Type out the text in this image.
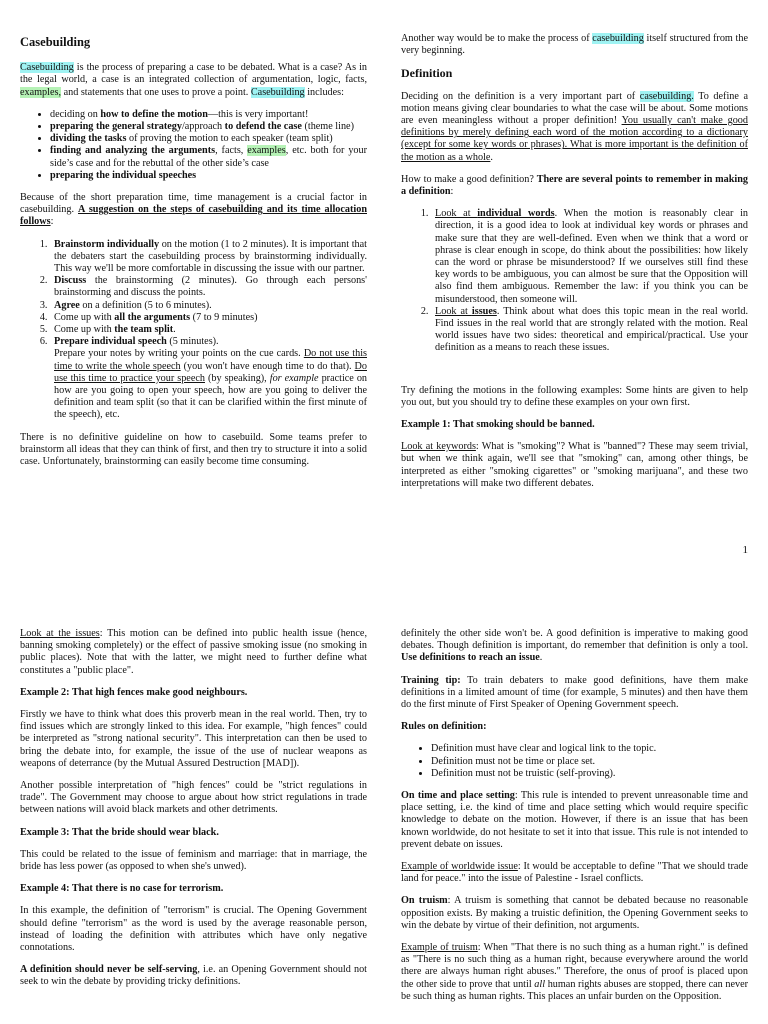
Casebuilding

Casebuilding is the process of preparing a case to be debated. What is a case? As in the legal world, a case is an integrated collection of argumentation, logic, facts, examples, and statements that one uses to prove a point. Casebuilding includes:

• deciding on how to define the motion—this is very important!
• preparing the general strategy/approach to defend the case (theme line)
• dividing the tasks of proving the motion to each speaker (team split)
• finding and analyzing the arguments, facts, examples, etc. both for your side’s case and for the rebuttal of the other side’s case
• preparing the individual speeches

Because of the short preparation time, time management is a crucial factor in casebuilding. A suggestion on the steps of casebuilding and its time allocation follows:

1. Brainstorm individually on the motion (1 to 2 minutes). It is important that the debaters start the casebuilding process by brainstorming individually. This way we'll be more comfortable in discussing the issue with our partner.
2. Discuss the brainstorming (2 minutes). Go through each persons' brainstorming and discuss the points.
3. Agree on a definition (5 to 6 minutes).
4. Come up with all the arguments (7 to 9 minutes)
5. Come up with the team split.
6. Prepare individual speech (5 minutes).
Prepare your notes by writing your points on the cue cards. Do not use this time to write the whole speech (you won't have enough time to do that). Do use this time to practice your speech (by speaking), for example practice on how are you going to open your speech, how are you going to deliver the definition and team split (so that it can be clarified within the first minute of the speech), etc.

There is no definitive guideline on how to casebuild. Some teams prefer to brainstorm all ideas that they can think of first, and then try to structure it into a solid case. Unfortunately, brainstorming can easily become time consuming.

Another way would be to make the process of casebuilding itself structured from the very beginning.

Definition

Deciding on the definition is a very important part of casebuilding. To define a motion means giving clear boundaries to what the case will be about. Some motions are even meaningless without a proper definition! You usually can't make good definitions by merely defining each word of the motion according to a dictionary (except for some key words or phrases). What is more important is the definition of the motion as a whole.

How to make a good definition? There are several points to remember in making a definition:

1. Look at individual words. When the motion is reasonably clear in direction, it is a good idea to look at individual key words or phrases and make sure that they are well-defined. Even when we think that a word or phrase is clear enough in scope, do think about the possibilities: how likely can the word or phrase be misunderstood? If we ourselves still find these key words to be ambiguous, you can almost be sure that the Opposition will also find them ambiguous. Remember the law: if you think you can be misunderstood, then someone will.
2. Look at issues. Think about what does this topic mean in the real world. Find issues in the real world that are strongly related with the motion. Real world issues have two sides: theoretical and empirical/practical. Use your definition as a means to reach these issues.

Try defining the motions in the following examples: Some hints are given to help you out, but you should try to define these examples on your own first.

Example 1: That smoking should be banned.

Look at keywords: What is "smoking"? What is "banned"? These may seem trivial, but when we think again, we'll see that "smoking" can, among other things, be interpreted as either "smoking cigarettes" or "smoking marijuana", and these two interpretations will make two different debates.

1

Look at the issues: This motion can be defined into public health issue (hence, banning smoking completely) or the effect of passive smoking issue (no smoking in public places). Note that with the latter, we might need to further define what constitutes a "public place".

Example 2: That high fences make good neighbours.

Firstly we have to think what does this proverb mean in the real world. Then, try to find issues which are strongly linked to this idea. For example, "high fences" could be interpreted as "strong national security". This interpretation can then be used to bring the debate into, for example, the issue of the use of nuclear weapons as weapons of deterrance (by the Mutual Assured Destruction [MAD]).

Another possible interpretation of "high fences" could be "strict regulations in trade". The Government may choose to argue about how strict regulations in trade between nations will avoid black markets and other detriments.

Example 3: That the bride should wear black.

This could be related to the issue of feminism and marriage: that in marriage, the bride has less power (as opposed to when she's unwed).

Example 4: That there is no case for terrorism.

In this example, the definition of "terrorism" is crucial. The Opening Government should define "terrorism" as the word is used by the average reasonable person, instead of loading the definition with attributes which have only negative connotations.

A definition should never be self-serving, i.e. an Opening Government should not seek to win the debate by providing tricky definitions.

definitely the other side won't be. A good definition is imperative to making good debates. Though definition is important, do remember that definition is only a tool. Use definitions to reach an issue.

Training tip: To train debaters to make good definitions, have them make definitions in a limited amount of time (for example, 5 minutes) and then have them do the first minute of First Speaker of Opening Government speech.

Rules on definition:

• Definition must have clear and logical link to the topic.
• Definition must not be time or place set.
• Definition must not be truistic (self-proving).

On time and place setting: This rule is intended to prevent unreasonable time and place setting, i.e. the kind of time and place setting which would require specific knowledge to debate on the motion. However, if there is an issue that has been known worldwide, do not hesitate to set it into that issue. This rule is not intended to prevent debate on issues.

Example of worldwide issue: It would be acceptable to define "That we should trade land for peace." into the issue of Palestine - Israel conflicts.

On truism: A truism is something that cannot be debated because no reasonable opposition exists. By making a truistic definition, the Opening Government seeks to win the debate by virtue of their definition, not arguments.

Example of truism: When "That there is no such thing as a human right." is defined as "There is no such thing as a human right, because everywhere around the world there are always human right abuses." Therefore, the onus of proof is placed upon the other side to prove that until all human rights abuses are stopped, there can never be such thing as human rights. This places an unfair burden on the Opposition.
